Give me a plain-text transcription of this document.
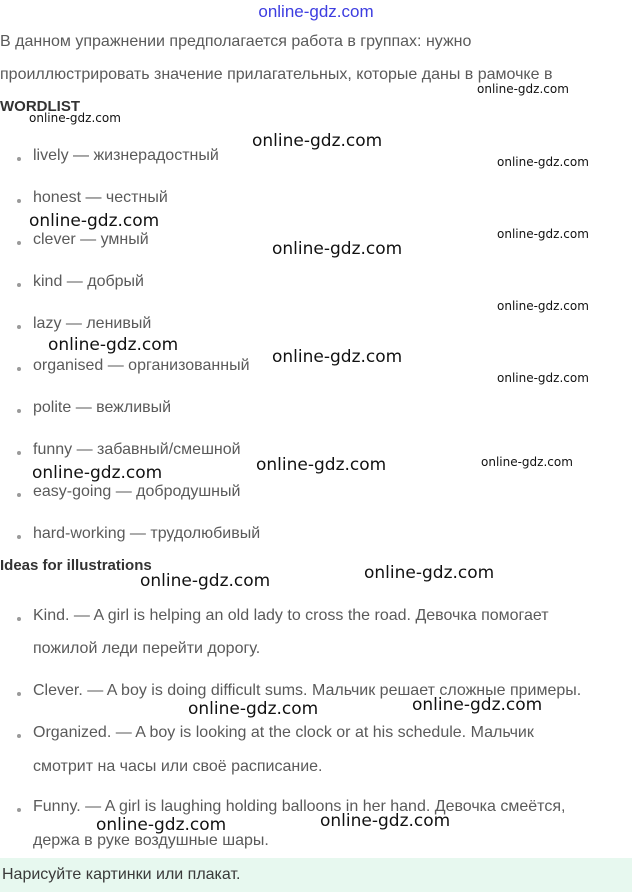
online-gdz.com
В данном упражнении предполагается работа в группах: нужно
проиллюстрировать значение прилагательных, которые даны в рамочке в
WORDLIST
lively — жизнерадостный
honest — честный
clever — умный
kind — добрый
lazy — ленивый
organised — организованный
polite — вежливый
funny — забавный/смешной
easy-going — добродушный
hard-working — трудолюбивый
Ideas for illustrations
Kind. — A girl is helping an old lady to cross the road. Девочка помогает
пожилой леди перейти дорогу.
Clever. — A boy is doing difficult sums. Мальчик решает сложные примеры.
Organized. — A boy is looking at the clock or at his schedule. Мальчик
смотрит на часы или своё расписание.
Funny. — A girl is laughing holding balloons in her hand. Девочка смеётся,
держа в руке воздушные шары.
Нарисуйте картинки или плакат.
online-gdz.com
online-gdz.com
online-gdz.com
online-gdz.com
online-gdz.com
online-gdz.com
online-gdz.com
online-gdz.com
online-gdz.com
online-gdz.com
online-gdz.com
online-gdz.com
online-gdz.com
online-gdz.com
online-gdz.com
online-gdz.com
online-gdz.com
online-gdz.com
online-gdz.com
online-gdz.com
